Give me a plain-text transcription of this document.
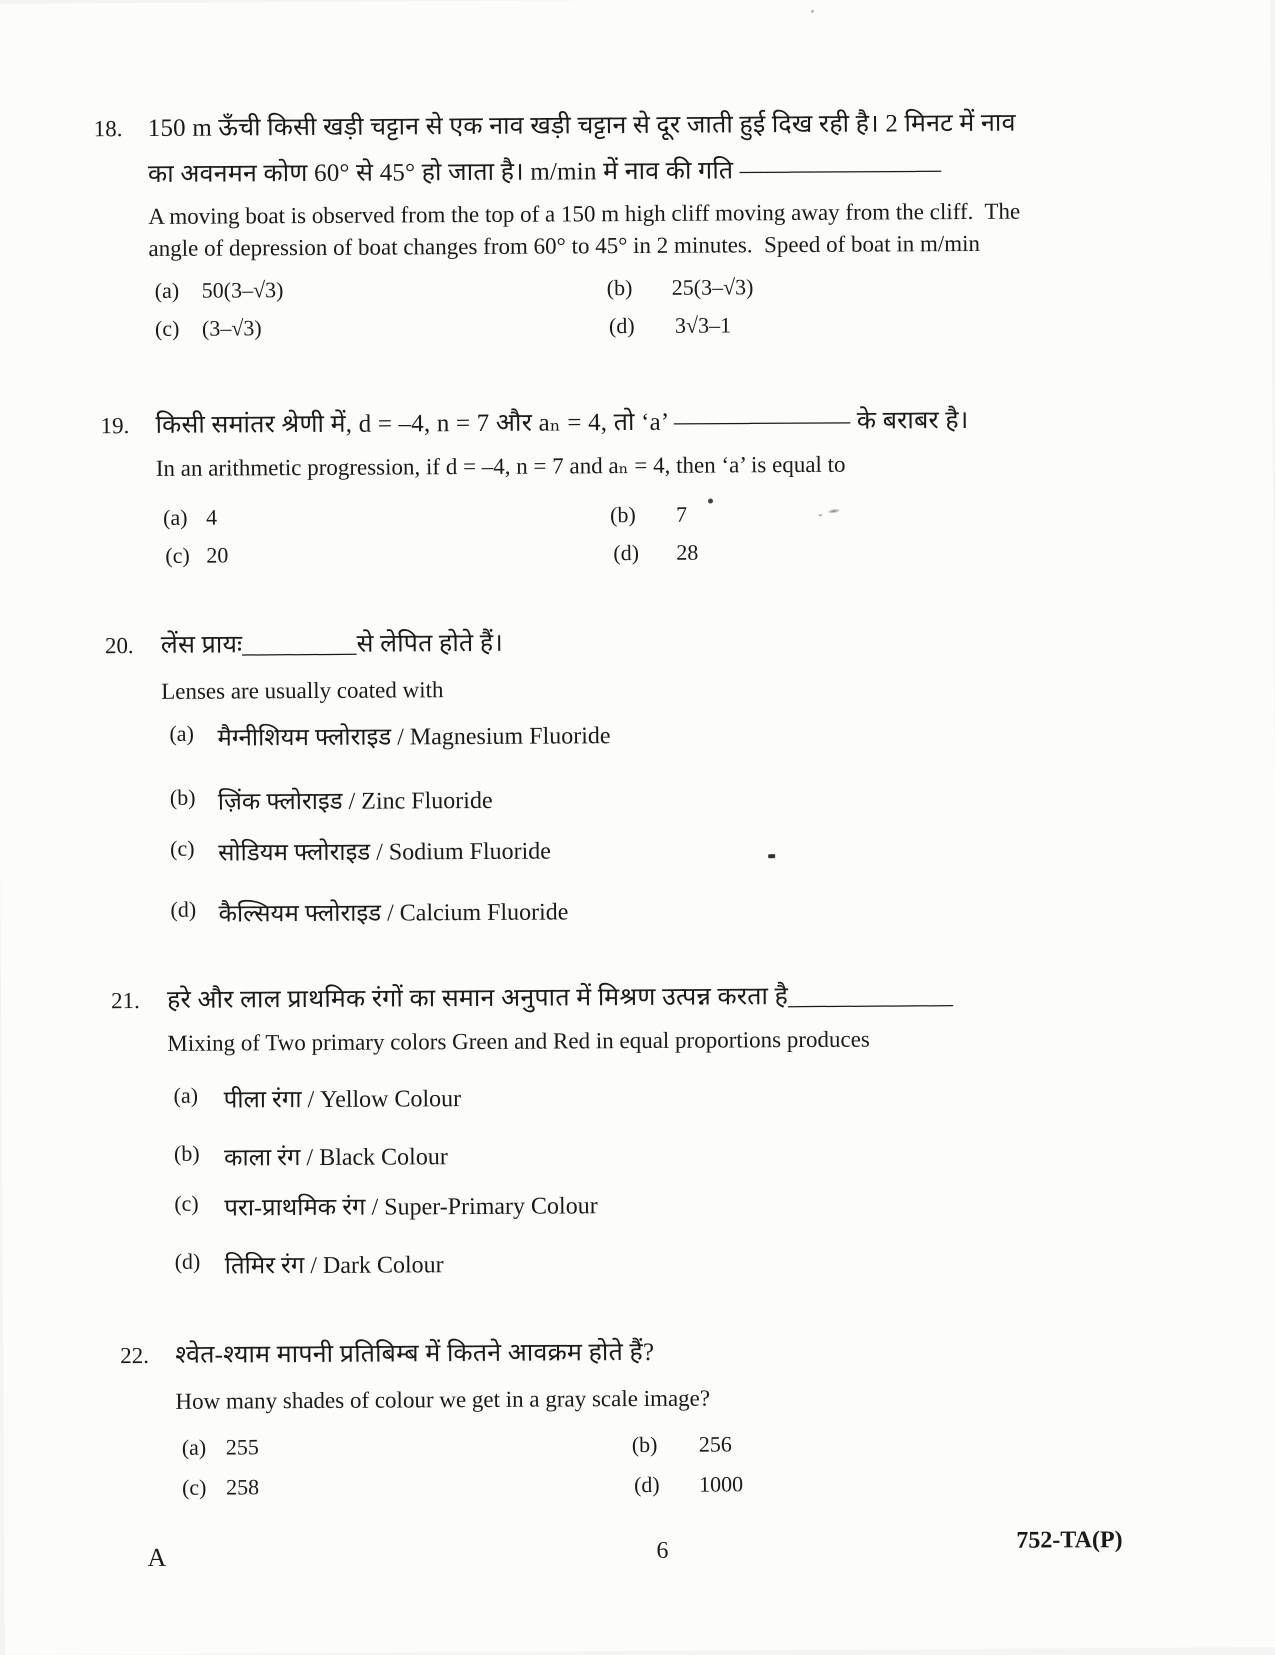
18. 150 m ऊँची किसी खड़ी चट्टान से एक नाव खड़ी चट्टान से दूर जाती हुई दिख रही है। 2 मिनट में नाव
का अवनमन कोण 60° से 45° हो जाता है। m/min में नाव की गति ————————
A moving boat is observed from the top of a 150 m high cliff moving away from the cliff.  The
angle of depression of boat changes from 60° to 45° in 2 minutes.  Speed of boat in m/min
(a) 50(3–√3)	(b) 25(3–√3)
(c) (3–√3)	(d) 3√3–1
19. किसी समांतर श्रेणी में, d = –4, n = 7 और aₙ = 4, तो ‘a’ ——————— के बराबर है।
In an arithmetic progression, if d = –4, n = 7 and aₙ = 4, then ‘a’ is equal to
(a) 4	(b) 7
(c) 20	(d) 28
20. लेंस प्रायः_________से लेपित होते हैं।
Lenses are usually coated with
(a) मैग्नीशियम फ्लोराइड / Magnesium Fluoride
(b) ज़िंक फ्लोराइड / Zinc Fluoride
(c) सोडियम फ्लोराइड / Sodium Fluoride
(d) कैल्सियम फ्लोराइड / Calcium Fluoride
21. हरे और लाल प्राथमिक रंगों का समान अनुपात में मिश्रण उत्पन्न करता है_____________
Mixing of Two primary colors Green and Red in equal proportions produces
(a) पीला रंगा / Yellow Colour
(b) काला रंग / Black Colour
(c) परा-प्राथमिक रंग / Super-Primary Colour
(d) तिमिर रंग / Dark Colour
22. श्वेत-श्याम मापनी प्रतिबिम्ब में कितने आवक्रम होते हैं?
How many shades of colour we get in a gray scale image?
(a) 255	(b) 256
(c) 258	(d) 1000
A	6	752-TA(P)
